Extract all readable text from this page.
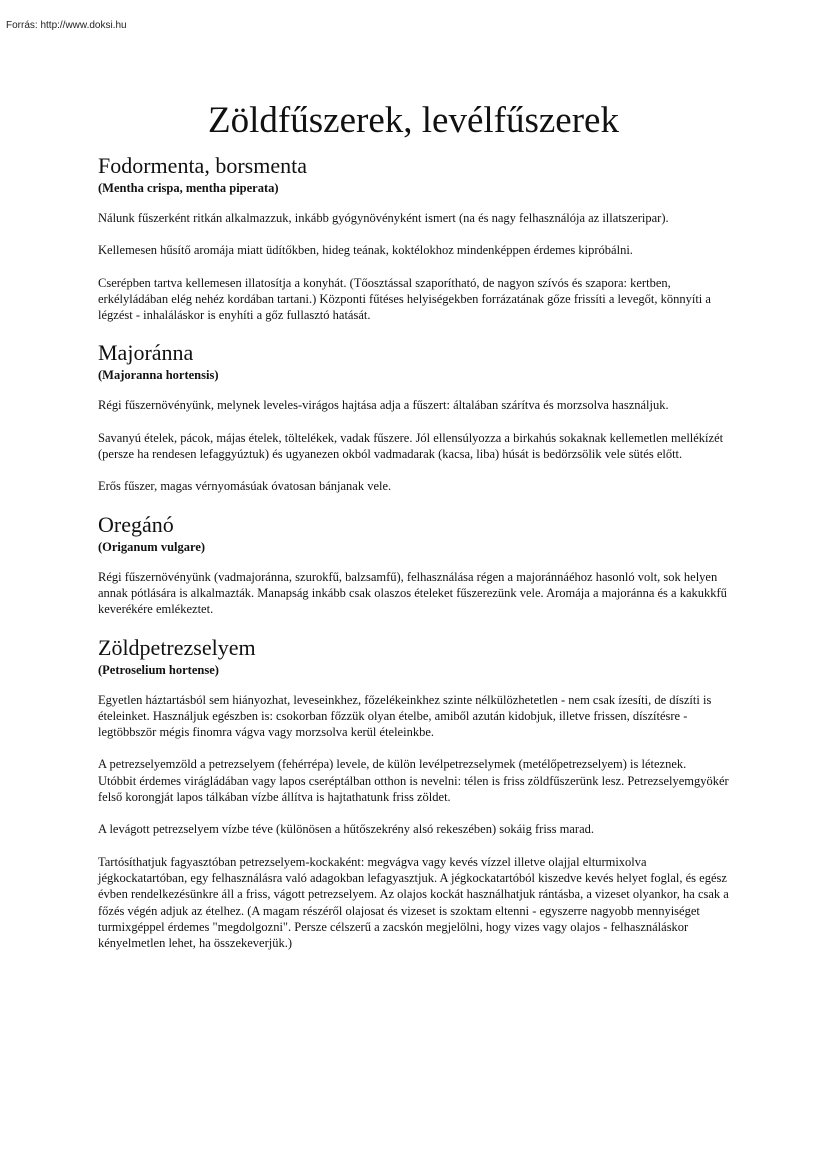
Forrás: http://www.doksi.hu
Zöldfűszerek, levélfűszerek
Fodormenta, borsmenta

(Mentha crispa, mentha piperata)

Nálunk fűszerként ritkán alkalmazzuk, inkább gyógynövényként ismert (na és nagy felhasználója az illatszeripar).

Kellemesen hűsítő aromája miatt üdítőkben, hideg teának, koktélokhoz mindenképpen érdemes kipróbálni.

Cserépben tartva kellemesen illatosítja a konyhát. (Tőosztással szaporítható, de nagyon szívós és szapora: kertben, erkélyládában elég nehéz kordában tartani.) Központi fűtéses helyiségekben forrázatának gőze frissíti a levegőt, könnyíti a légzést - inhaláláskor is enyhíti a gőz fullasztó hatását.

Majoránna

(Majoranna hortensis)

Régi fűszernövényünk, melynek leveles-virágos hajtása adja a fűszert: általában szárítva és morzsolva használjuk.

Savanyú ételek, pácok, májas ételek, töltelékek, vadak fűszere. Jól ellensúlyozza a birkahús sokaknak kellemetlen mellékízét (persze ha rendesen lefaggyúztuk) és ugyanezen okból vadmadarak (kacsa, liba) húsát is bedörzsölik vele sütés előtt.

Erős fűszer, magas vérnyomásúak óvatosan bánjanak vele.

Oregánó

(Origanum vulgare)

Régi fűszernövényünk (vadmajoránna, szurokfű, balzsamfű), felhasználása régen a majoránnáéhoz hasonló volt, sok helyen annak pótlására is alkalmazták. Manapság inkább csak olaszos ételeket fűszerezünk vele. Aromája a majoránna és a kakukkfű keverékére emlékeztet.

Zöldpetrezselyem

(Petroselium hortense)

Egyetlen háztartásból sem hiányozhat, leveseinkhez, főzelékeinkhez szinte nélkülözhetetlen - nem csak ízesíti, de díszíti is ételeinket. Használjuk egészben is: csokorban főzzük olyan ételbe, amiből azután kidobjuk, illetve frissen, díszítésre - legtöbbször mégis finomra vágva vagy morzsolva kerül ételeinkbe.

A petrezselyemzöld a petrezselyem (fehérrépa) levele, de külön levélpetrezselymek (metélőpetrezselyem) is léteznek.

Utóbbit érdemes virágládában vagy lapos cseréptálban otthon is nevelni: télen is friss zöldfűszerünk lesz. Petrezselyemgyökér felső korongját lapos tálkában vízbe állítva is hajtathatunk friss zöldet.

A levágott petrezselyem vízbe téve (különösen a hűtőszekrény alsó rekeszében) sokáig friss marad.

Tartósíthatjuk fagyasztóban petrezselyem-kockaként: megvágva vagy kevés vízzel illetve olajjal elturmixolva jégkockatartóban, egy felhasználásra való adagokban lefagyasztjuk. A jégkockatartóból kiszedve kevés helyet foglal, és egész évben rendelkezésünkre áll a friss, vágott petrezselyem. Az olajos kockát használhatjuk rántásba, a vizeset olyankor, ha csak a főzés végén adjuk az ételhez. (A magam részéről olajosat és vizeset is szoktam eltenni - egyszerre nagyobb mennyiséget turmixgéppel érdemes "megdolgozni". Persze célszerű a zacskón megjelölni, hogy vizes vagy olajos - felhasználáskor kényelmetlen lehet, ha összekeverjük.)
